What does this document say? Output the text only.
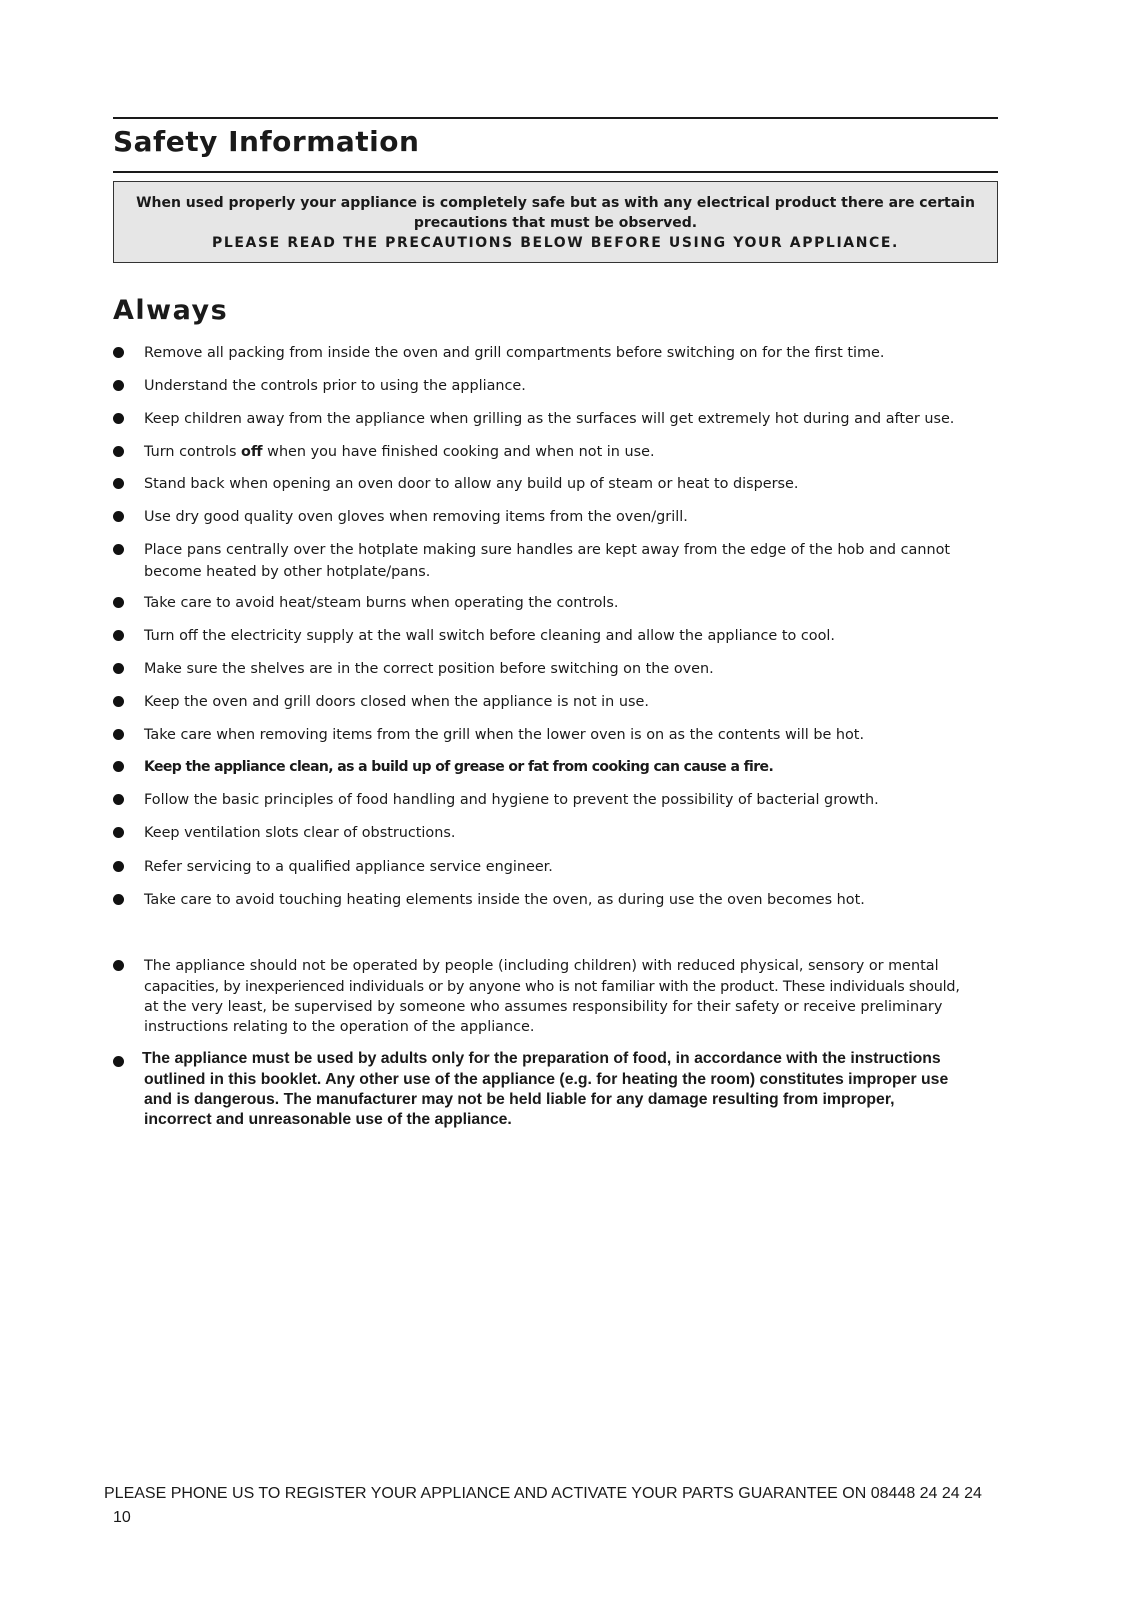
Safety Information
When used properly your appliance is completely safe but as with any electrical product there are certain
precautions that must be observed.
PLEASE READ THE PRECAUTIONS BELOW BEFORE USING YOUR APPLIANCE.
Always
Remove all packing from inside the oven and grill compartments before switching on for the first time.
Understand the controls prior to using the appliance.
Keep children away from the appliance when grilling as the surfaces will get extremely hot during and after use.
Turn controls off when you have finished cooking and when not in use.
Stand back when opening an oven door to allow any build up of steam or heat to disperse.
Use dry good quality oven gloves when removing items from the oven/grill.
Place pans centrally over the hotplate making sure handles are kept away from the edge of the hob and cannot
become heated by other hotplate/pans.
Take care to avoid heat/steam burns when operating the controls.
Turn off the electricity supply at the wall switch before cleaning and allow the appliance to cool.
Make sure the shelves are in the correct position before switching on the oven.
Keep the oven and grill doors closed when the appliance is not in use.
Take care when removing items from the grill when the lower oven is on as the contents will be hot.
Keep the appliance clean, as a build up of grease or fat from cooking can cause a fire.
Follow the basic principles of food handling and hygiene to prevent the possibility of bacterial growth.
Keep ventilation slots clear of obstructions.
Refer servicing to a qualified appliance service engineer.
Take care to avoid touching heating elements inside the oven, as during use the oven becomes hot.
The appliance should not be operated by people (including children) with reduced physical, sensory or mental
capacities, by inexperienced individuals or by anyone who is not familiar with the product. These individuals should,
at the very least, be supervised by someone who assumes responsibility for their safety or receive preliminary
instructions relating to the operation of the appliance.
The appliance must be used by adults only for the preparation of food, in accordance with the instructions
outlined in this booklet. Any other use of the appliance (e.g. for heating the room) constitutes improper use
and is dangerous. The manufacturer may not be held liable for any damage resulting from improper,
incorrect and unreasonable use of the appliance.
PLEASE PHONE US TO REGISTER YOUR APPLIANCE AND ACTIVATE YOUR PARTS GUARANTEE ON 08448 24 24 24
10
